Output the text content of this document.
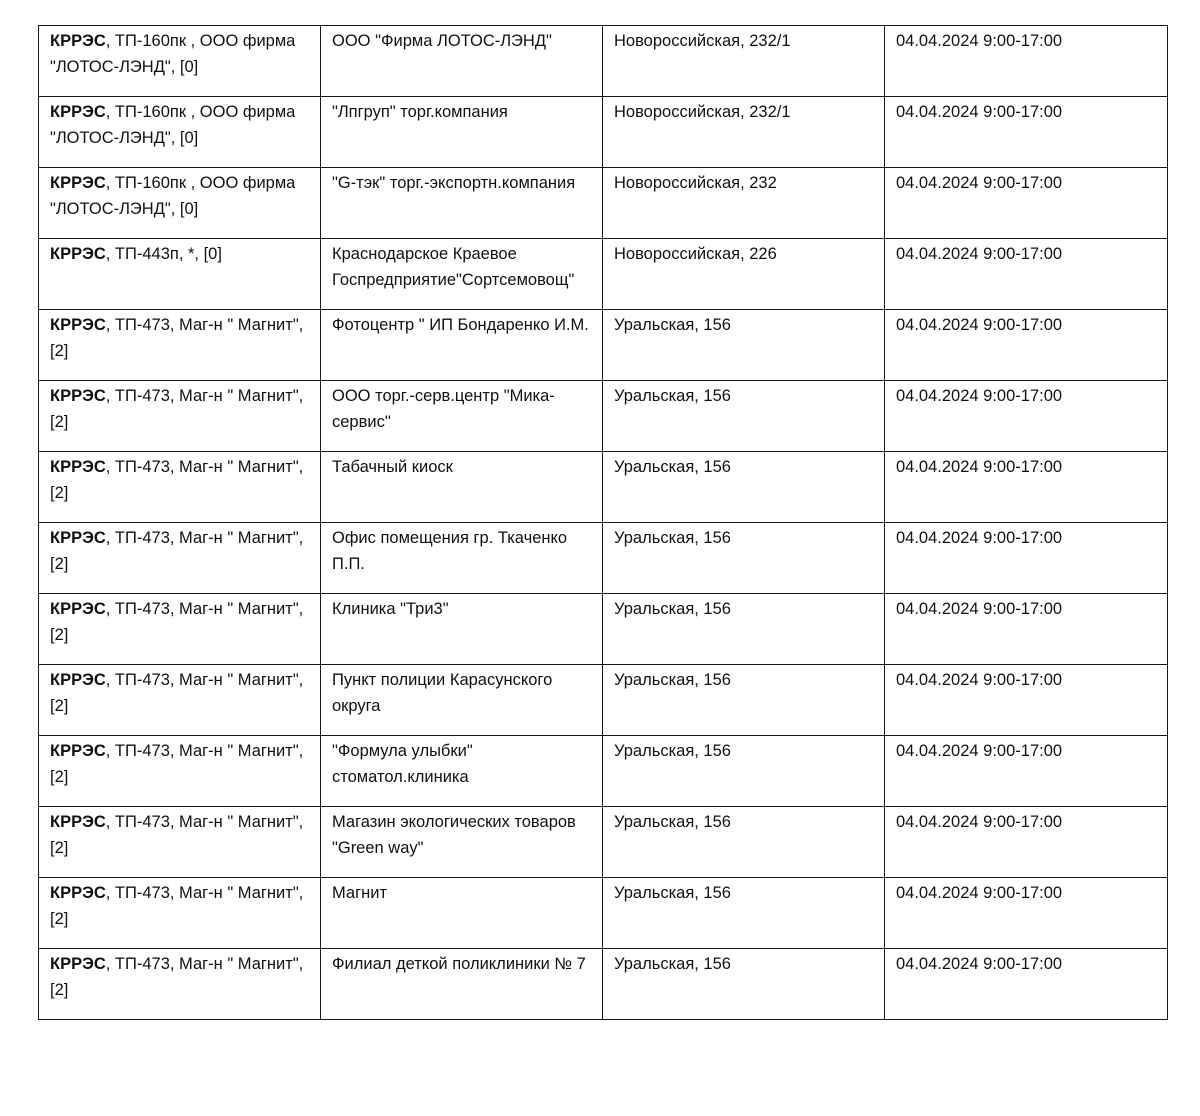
КРРЭС, ТП-160пк , ООО фирма "ЛОТОС-ЛЭНД", [0]	ООО "Фирма ЛОТОС-ЛЭНД"	Новороссийская, 232/1	04.04.2024 9:00-17:00
КРРЭС, ТП-160пк , ООО фирма "ЛОТОС-ЛЭНД", [0]	"Лпгруп" торг.компания	Новороссийская, 232/1	04.04.2024 9:00-17:00
КРРЭС, ТП-160пк , ООО фирма "ЛОТОС-ЛЭНД", [0]	"G-тэк" торг.-экспортн.компания	Новороссийская, 232	04.04.2024 9:00-17:00
КРРЭС, ТП-443п, *, [0]	Краснодарское Краевое Госпредприятие"Сортсемовощ"	Новороссийская, 226	04.04.2024 9:00-17:00
КРРЭС, ТП-473, Маг-н " Магнит", [2]	Фотоцентр " ИП Бондаренко И.М.	Уральская, 156	04.04.2024 9:00-17:00
КРРЭС, ТП-473, Маг-н " Магнит", [2]	ООО торг.-серв.центр "Мика-сервис"	Уральская, 156	04.04.2024 9:00-17:00
КРРЭС, ТП-473, Маг-н " Магнит", [2]	Табачный киоск	Уральская, 156	04.04.2024 9:00-17:00
КРРЭС, ТП-473, Маг-н " Магнит", [2]	Офис помещения гр. Ткаченко П.П.	Уральская, 156	04.04.2024 9:00-17:00
КРРЭС, ТП-473, Маг-н " Магнит", [2]	Клиника "Три3"	Уральская, 156	04.04.2024 9:00-17:00
КРРЭС, ТП-473, Маг-н " Магнит", [2]	Пункт полиции Карасунского округа	Уральская, 156	04.04.2024 9:00-17:00
КРРЭС, ТП-473, Маг-н " Магнит", [2]	"Формула улыбки" стоматол.клиника	Уральская, 156	04.04.2024 9:00-17:00
КРРЭС, ТП-473, Маг-н " Магнит", [2]	Магазин экологических товаров "Green way"	Уральская, 156	04.04.2024 9:00-17:00
КРРЭС, ТП-473, Маг-н " Магнит", [2]	Магнит	Уральская, 156	04.04.2024 9:00-17:00
КРРЭС, ТП-473, Маг-н " Магнит", [2]	Филиал деткой поликлиники № 7	Уральская, 156	04.04.2024 9:00-17:00
